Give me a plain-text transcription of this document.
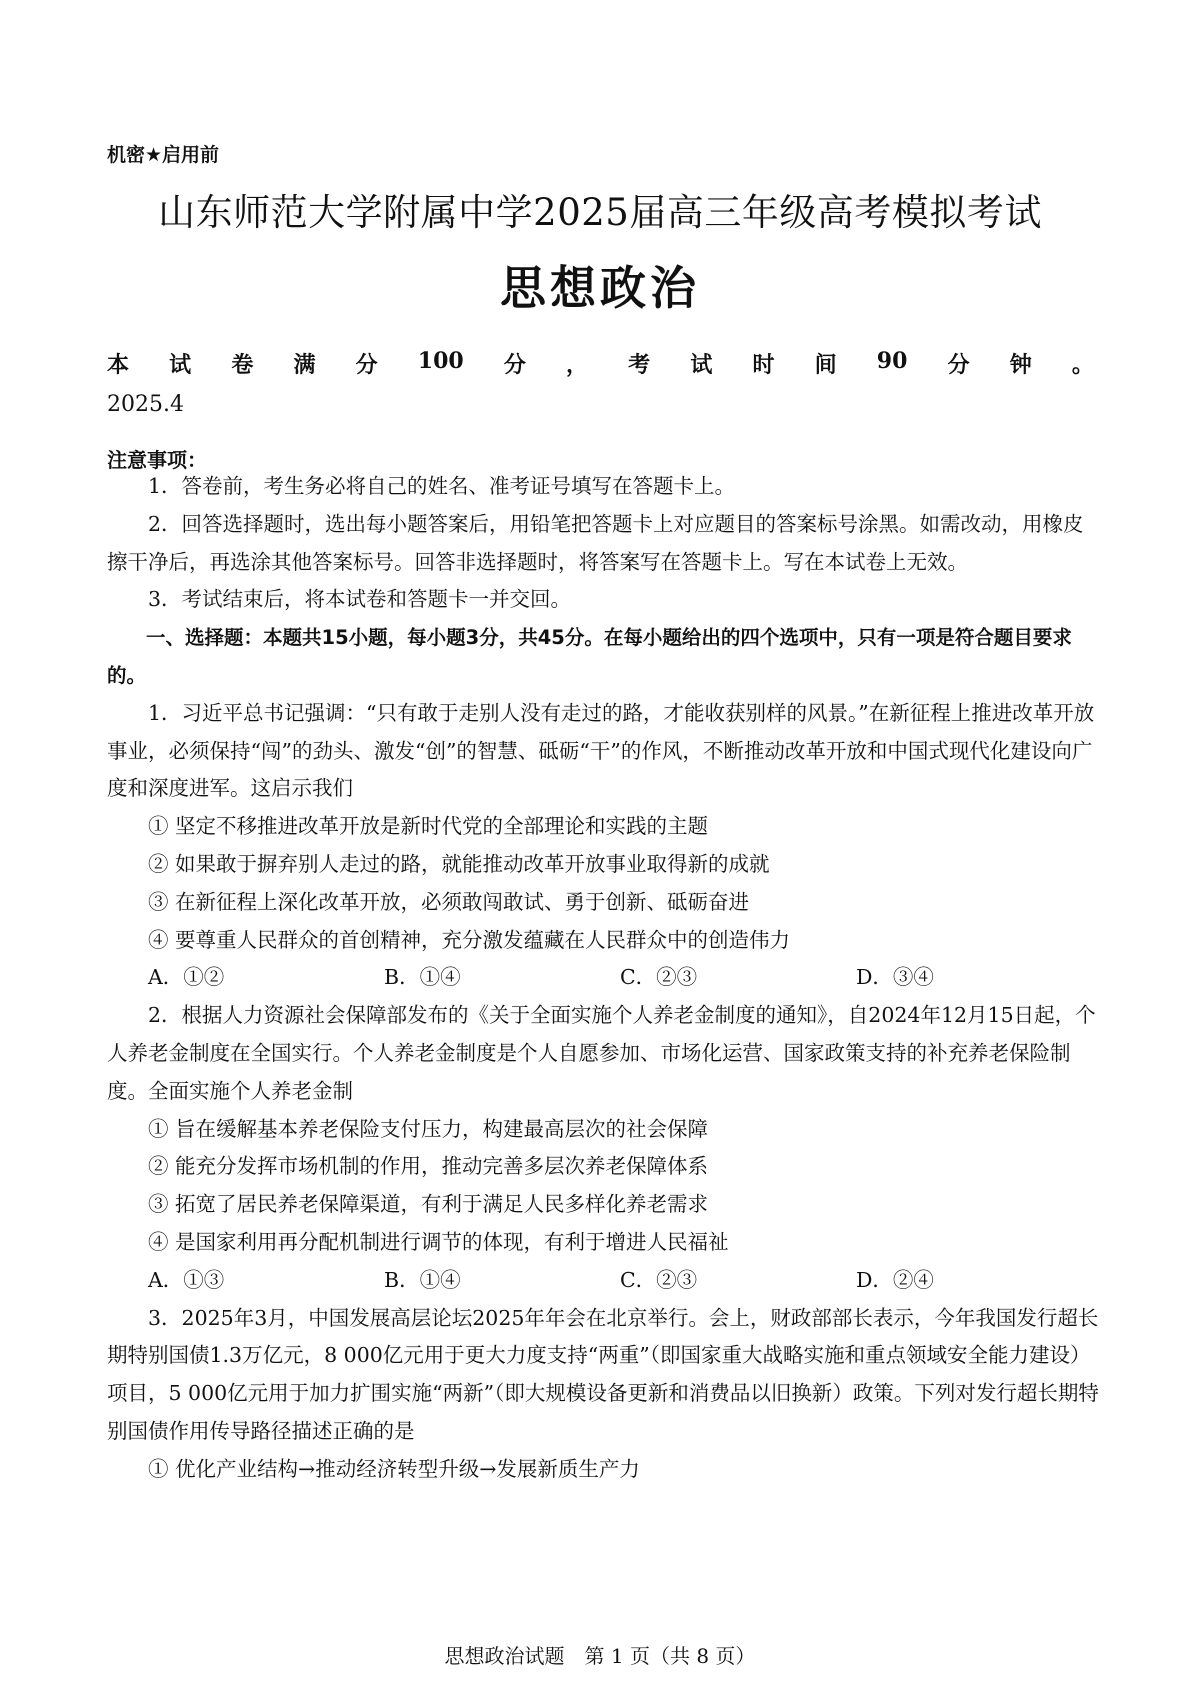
机密★启用前
山东师范大学附属中学2025届高三年级高考模拟考试
思想政治
本 试 卷 满 分 100 分 ， 考 试 时 间 90 分 钟 。
2025.4
注意事项：

1．答卷前，考生务必将自己的姓名、准考证号填写在答题卡上。

2．回答选择题时，选出每小题答案后，用铅笔把答题卡上对应题目的答案标号涂黑。如需改动，用橡皮擦干净后，再选涂其他答案标号。回答非选择题时，将答案写在答题卡上。写在本试卷上无效。

3．考试结束后，将本试卷和答题卡一并交回。

一、选择题：本题共15小题，每小题3分，共45分。在每小题给出的四个选项中，只有一项是符合题目要求的。

1．习近平总书记强调：“只有敢于走别人没有走过的路，才能收获别样的风景。”在新征程上推进改革开放事业，必须保持“闯”的劲头、激发“创”的智慧、砥砺“干”的作风，不断推动改革开放和中国式现代化建设向广度和深度进军。这启示我们

① 坚定不移推进改革开放是新时代党的全部理论和实践的主题

② 如果敢于摒弃别人走过的路，就能推动改革开放事业取得新的成就

③ 在新征程上深化改革开放，必须敢闯敢试、勇于创新、砥砺奋进

④ 要尊重人民群众的首创精神，充分激发蕴藏在人民群众中的创造伟力

A．①②	B．①④	C．②③	D．③④

2．根据人力资源社会保障部发布的《关于全面实施个人养老金制度的通知》，自2024年12月15日起，个人养老金制度在全国实行。个人养老金制度是个人自愿参加、市场化运营、国家政策支持的补充养老保险制度。全面实施个人养老金制

① 旨在缓解基本养老保险支付压力，构建最高层次的社会保障

② 能充分发挥市场机制的作用，推动完善多层次养老保障体系

③ 拓宽了居民养老保障渠道，有利于满足人民多样化养老需求

④ 是国家利用再分配机制进行调节的体现，有利于增进人民福祉

A．①③	B．①④	C．②③	D．②④

3．2025年3月，中国发展高层论坛2025年年会在北京举行。会上，财政部部长表示，今年我国发行超长期特别国债1.3万亿元，8 000亿元用于更大力度支持“两重”（即国家重大战略实施和重点领域安全能力建设）项目，5 000亿元用于加力扩围实施“两新”（即大规模设备更新和消费品以旧换新）政策。下列对发行超长期特别国债作用传导路径描述正确的是

① 优化产业结构→推动经济转型升级→发展新质生产力

思想政治试题　第 1 页（共 8 页）
